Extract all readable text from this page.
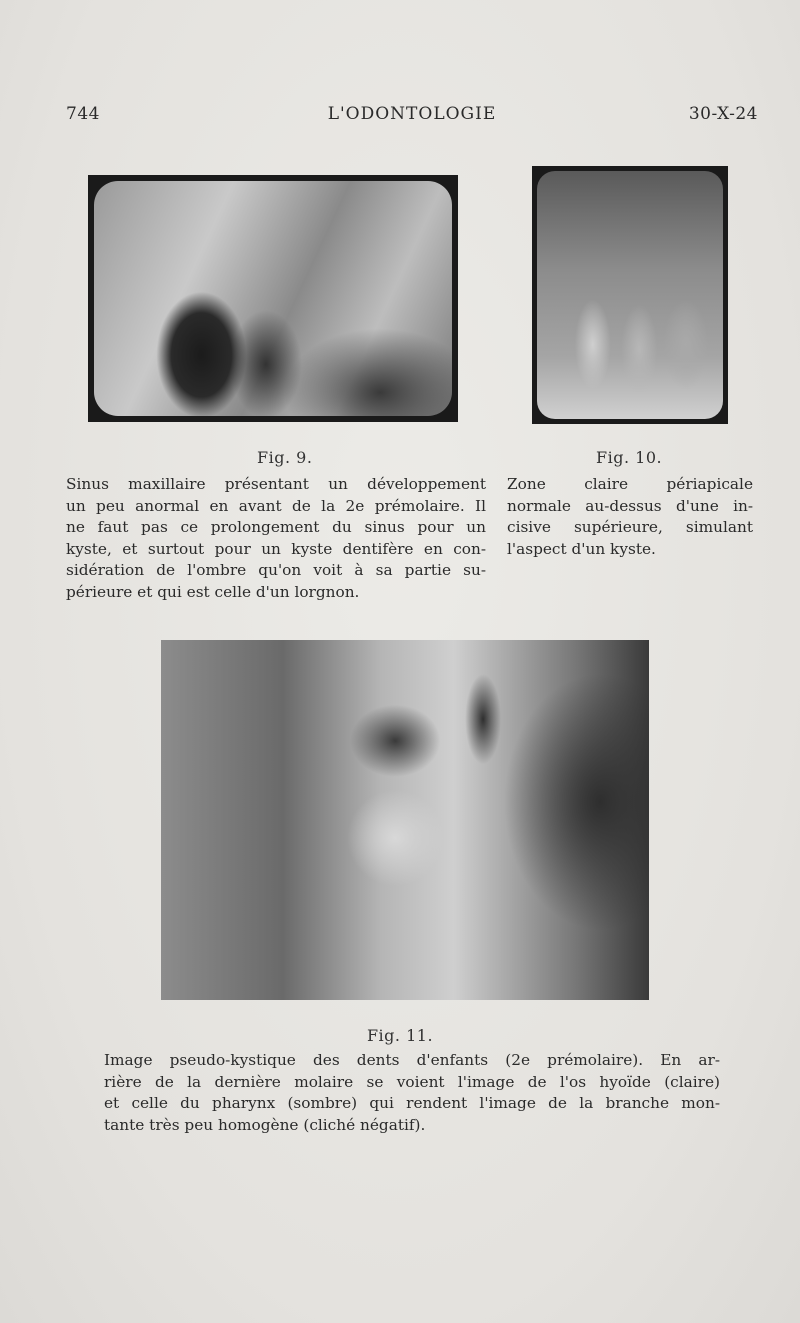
744	L'ODONTOLOGIE	30-X-24
Fig. 9.	Fig. 10.
Sinus maxillaire présentant un développement
un peu anormal en avant de la 2e prémolaire. Il
ne faut pas ce prolongement du sinus pour un
kyste, et surtout pour un kyste dentifère en con-
sidération de l'ombre qu'on voit à sa partie su-
périeure et qui est celle d'un lorgnon.
Zone claire périapicale
normale au-dessus d'une in-
cisive supérieure, simulant
l'aspect d'un kyste.
Fig. 11.
Image pseudo-kystique des dents d'enfants (2e prémolaire). En ar-
rière de la dernière molaire se voient l'image de l'os hyoïde (claire)
et celle du pharynx (sombre) qui rendent l'image de la branche mon-
tante très peu homogène (cliché négatif).
